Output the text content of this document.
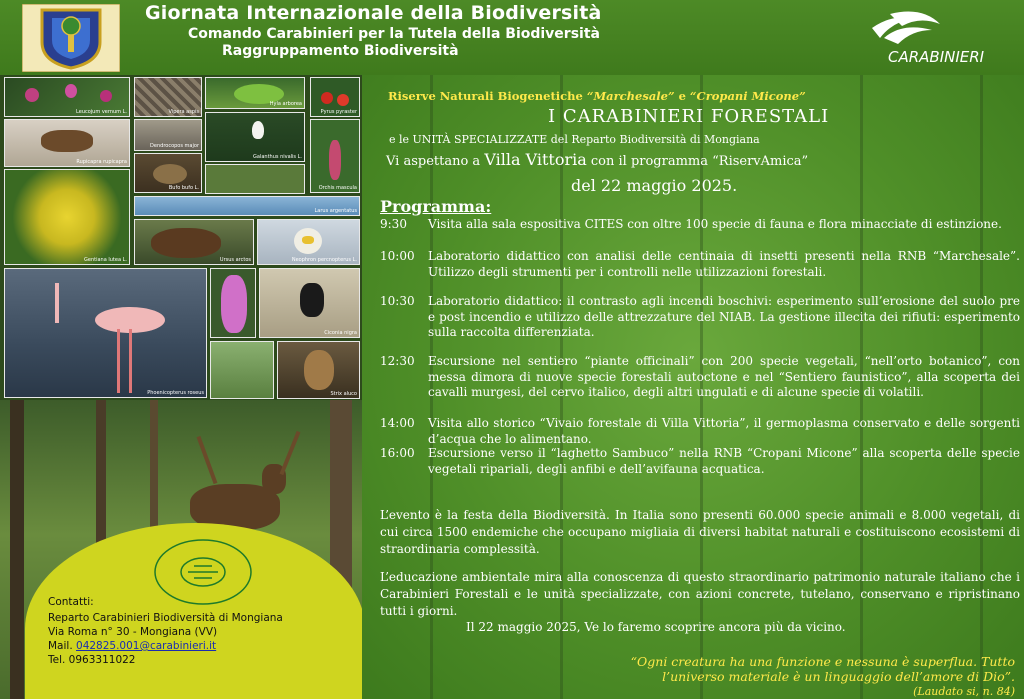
Giornata Internazionale della Biodiversità
Comando Carabinieri per la Tutela della Biodiversità
Raggruppamento Biodiversità	CARABINIERI
Leucojum vernum L.	Vipera aspis
Hyla arborea
Pyrus pyraster
Rupicapra rupicapra
Galanthus nivalis L.
Dendrocopos major
Bufo bufo L.	Orchis mascula
Gentiana lutea L.
Larus argentatus
Ursus arctos	Neophron percnopterus L.
Phoenicopterus roseus
Ciconia nigra
Strix aluco
Contatti:
Reparto Carabinieri Biodiversità di Mongiana
Via Roma n° 30 - Mongiana (VV)
Mail. 042825.001@carabinieri.it
Tel. 0963311022
Riserve Naturali Biogenetiche “Marchesale” e “Cropani Micone”
I CARABINIERI FORESTALI
e le UNITÀ SPECIALIZZATE del Reparto Biodiversità di Mongiana
Vi aspettano a Villa Vittoria con il programma “RiservAmica”
del 22 maggio 2025.
Programma:
9:30 Visita alla sala espositiva CITES con oltre 100 specie di fauna e flora minacciate di estinzione.
10:00 Laboratorio didattico con analisi delle centinaia di insetti presenti nella RNB “Marchesale”. Utilizzo degli strumenti per i controlli nelle utilizzazioni forestali.
10:30 Laboratorio didattico: il contrasto agli incendi boschivi: esperimento sull’erosione del suolo pre e post incendio e utilizzo delle attrezzature del NIAB. La gestione illecita dei rifiuti: esperimento sulla raccolta differenziata.
12:30 Escursione nel sentiero “piante officinali” con 200 specie vegetali, “nell’orto botanico”, con messa dimora di nuove specie forestali autoctone e nel “Sentiero faunistico”, alla scoperta dei cavalli murgesi, del cervo italico, degli altri ungulati e di alcune specie di volatili.
14:00 Visita allo storico “Vivaio forestale di Villa Vittoria”, il germoplasma conservato e delle sorgenti d’acqua che lo alimentano.
16:00 Escursione verso il “laghetto Sambuco” nella RNB “Cropani Micone” alla scoperta delle specie vegetali ripariali, degli anfibi e dell’avifauna acquatica.
L’evento è la festa della Biodiversità. In Italia sono presenti 60.000 specie animali e 8.000 vegetali, di cui circa 1500 endemiche che occupano migliaia di diversi habitat naturali e costituiscono ecosistemi di straordinaria complessità.
L’educazione ambientale mira alla conoscenza di questo straordinario patrimonio naturale italiano che i Carabinieri Forestali e le unità specializzate, con azioni concrete, tutelano, conservano e ripristinano tutti i giorni.
Il 22 maggio 2025, Ve lo faremo scoprire ancora più da vicino.
“Ogni creatura ha una funzione e nessuna è superflua. Tutto
l’universo materiale è un linguaggio dell’amore di Dio”.
(Laudato si, n. 84)
